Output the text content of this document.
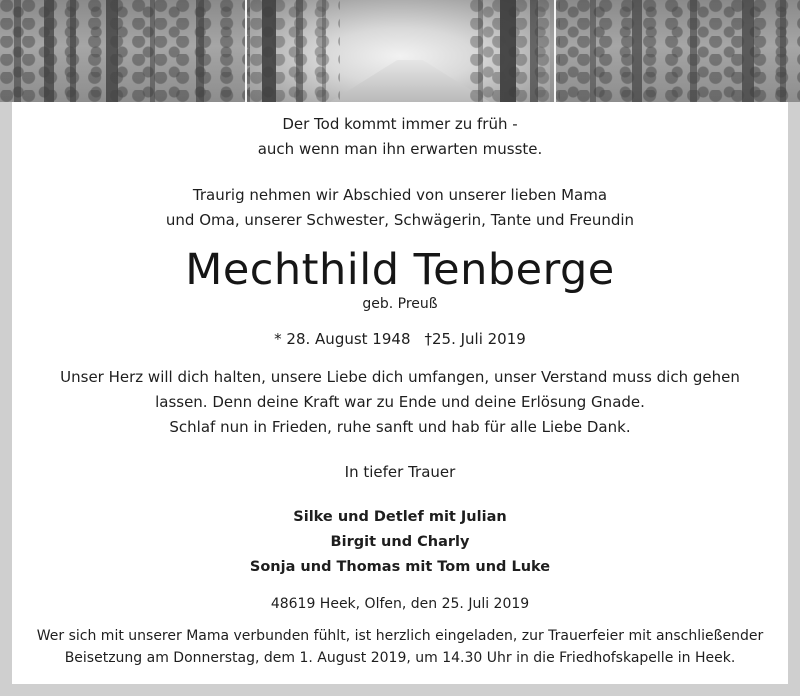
Der Tod kommt immer zu früh -
auch wenn man ihn erwarten musste.
Traurig nehmen wir Abschied von unserer lieben Mama
und Oma, unserer Schwester, Schwägerin, Tante und Freundin
Mechthild Tenberge
geb. Preuß
* 28. August 1948 †25. Juli 2019
Unser Herz will dich halten, unsere Liebe dich umfangen, unser Verstand muss dich gehen
lassen. Denn deine Kraft war zu Ende und deine Erlösung Gnade.
Schlaf nun in Frieden, ruhe sanft und hab für alle Liebe Dank.
In tiefer Trauer
Silke und Detlef mit Julian
Birgit und Charly
Sonja und Thomas mit Tom und Luke
48619 Heek, Olfen, den 25. Juli 2019
Wer sich mit unserer Mama verbunden fühlt, ist herzlich eingeladen, zur Trauerfeier mit anschließender
Beisetzung am Donnerstag, dem 1. August 2019, um 14.30 Uhr in die Friedhofskapelle in Heek.
